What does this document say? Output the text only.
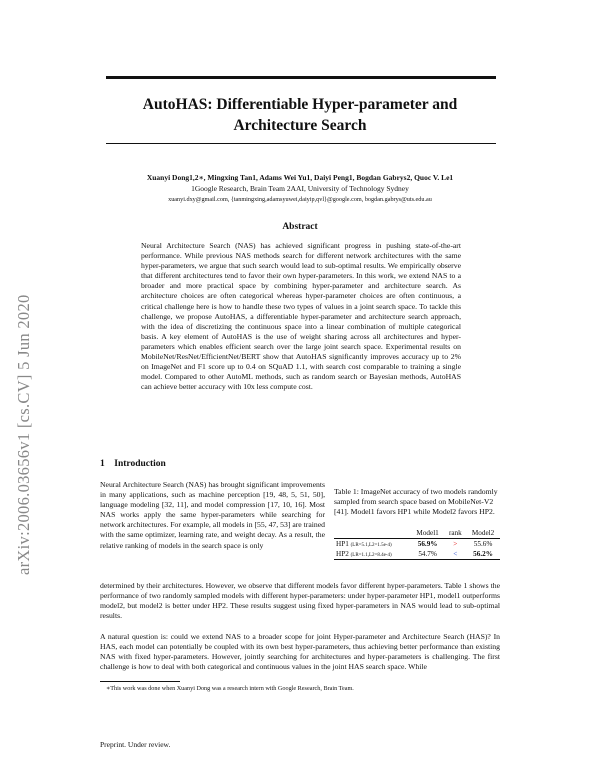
AutoHAS: Differentiable Hyper-parameter and Architecture Search
Xuanyi Dong1,2∗, Mingxing Tan1, Adams Wei Yu1, Daiyi Peng1, Bogdan Gabrys2, Quoc V. Le1
1Google Research, Brain Team 2AAI, University of Technology Sydney
xuanyi.dxy@gmail.com, {tanmingxing,adamsyuwei,daiyip,qvl}@google.com, bogdan.gabrys@uts.edu.au
Abstract
Neural Architecture Search (NAS) has achieved significant progress in pushing state-of-the-art performance. While previous NAS methods search for different network architectures with the same hyper-parameters, we argue that such search would lead to sub-optimal results. We empirically observe that different architectures tend to favor their own hyper-parameters. In this work, we extend NAS to a broader and more practical space by combining hyper-parameter and architecture search. As architecture choices are often categorical whereas hyper-parameter choices are often continuous, a critical challenge here is how to handle these two types of values in a joint search space. To tackle this challenge, we propose AutoHAS, a differentiable hyper-parameter and architecture search approach, with the idea of discretizing the continuous space into a linear combination of multiple categorical basis. A key element of AutoHAS is the use of weight sharing across all architectures and hyper-parameters which enables efficient search over the large joint search space. Experimental results on MobileNet/ResNet/EfficientNet/BERT show that AutoHAS significantly improves accuracy up to 2% on ImageNet and F1 score up to 0.4 on SQuAD 1.1, with search cost comparable to training a single model. Compared to other AutoML methods, such as random search or Bayesian methods, AutoHAS can achieve better accuracy with 10x less compute cost.
arXiv:2006.03656v1 [cs.CV] 5 Jun 2020	1 Introduction
Neural Architecture Search (NAS) has brought significant improvements in many applications, such as machine perception [19, 48, 5, 51, 50], language modeling [32, 11], and model compression [17, 10, 16]. Most NAS works apply the same hyper-parameters while searching for network architectures. For example, all models in [55, 47, 53] are trained with the same optimizer, learning rate, and weight decay. As a result, the relative ranking of models in the search space is only
Table 1: ImageNet accuracy of two models randomly sampled from search space based on MobileNet-V2 [41]. Model1 favors HP1 while Model2 favors HP2.
	Model1	rank	Model2
HP1 (LR=5.1,L2=1.5e-4)	56.9%	>	55.6%
HP2 (LR=1.1,L2=8.4e-4)	54.7%	<	56.2%
determined by their architectures. However, we observe that different models favor different hyper-parameters. Table 1 shows the performance of two randomly sampled models with different hyper-parameters: under hyper-parameter HP1, model1 outperforms model2, but model2 is better under HP2. These results suggest using fixed hyper-parameters in NAS would lead to sub-optimal results.
A natural question is: could we extend NAS to a broader scope for joint Hyper-parameter and Architecture Search (HAS)? In HAS, each model can potentially be coupled with its own best hyper-parameters, thus achieving better performance than existing NAS with fixed hyper-parameters. However, jointly searching for architectures and hyper-parameters is challenging. The first challenge is how to deal with both categorical and continuous values in the joint HAS search space. While
∗This work was done when Xuanyi Dong was a research intern with Google Research, Brain Team.
Preprint. Under review.
